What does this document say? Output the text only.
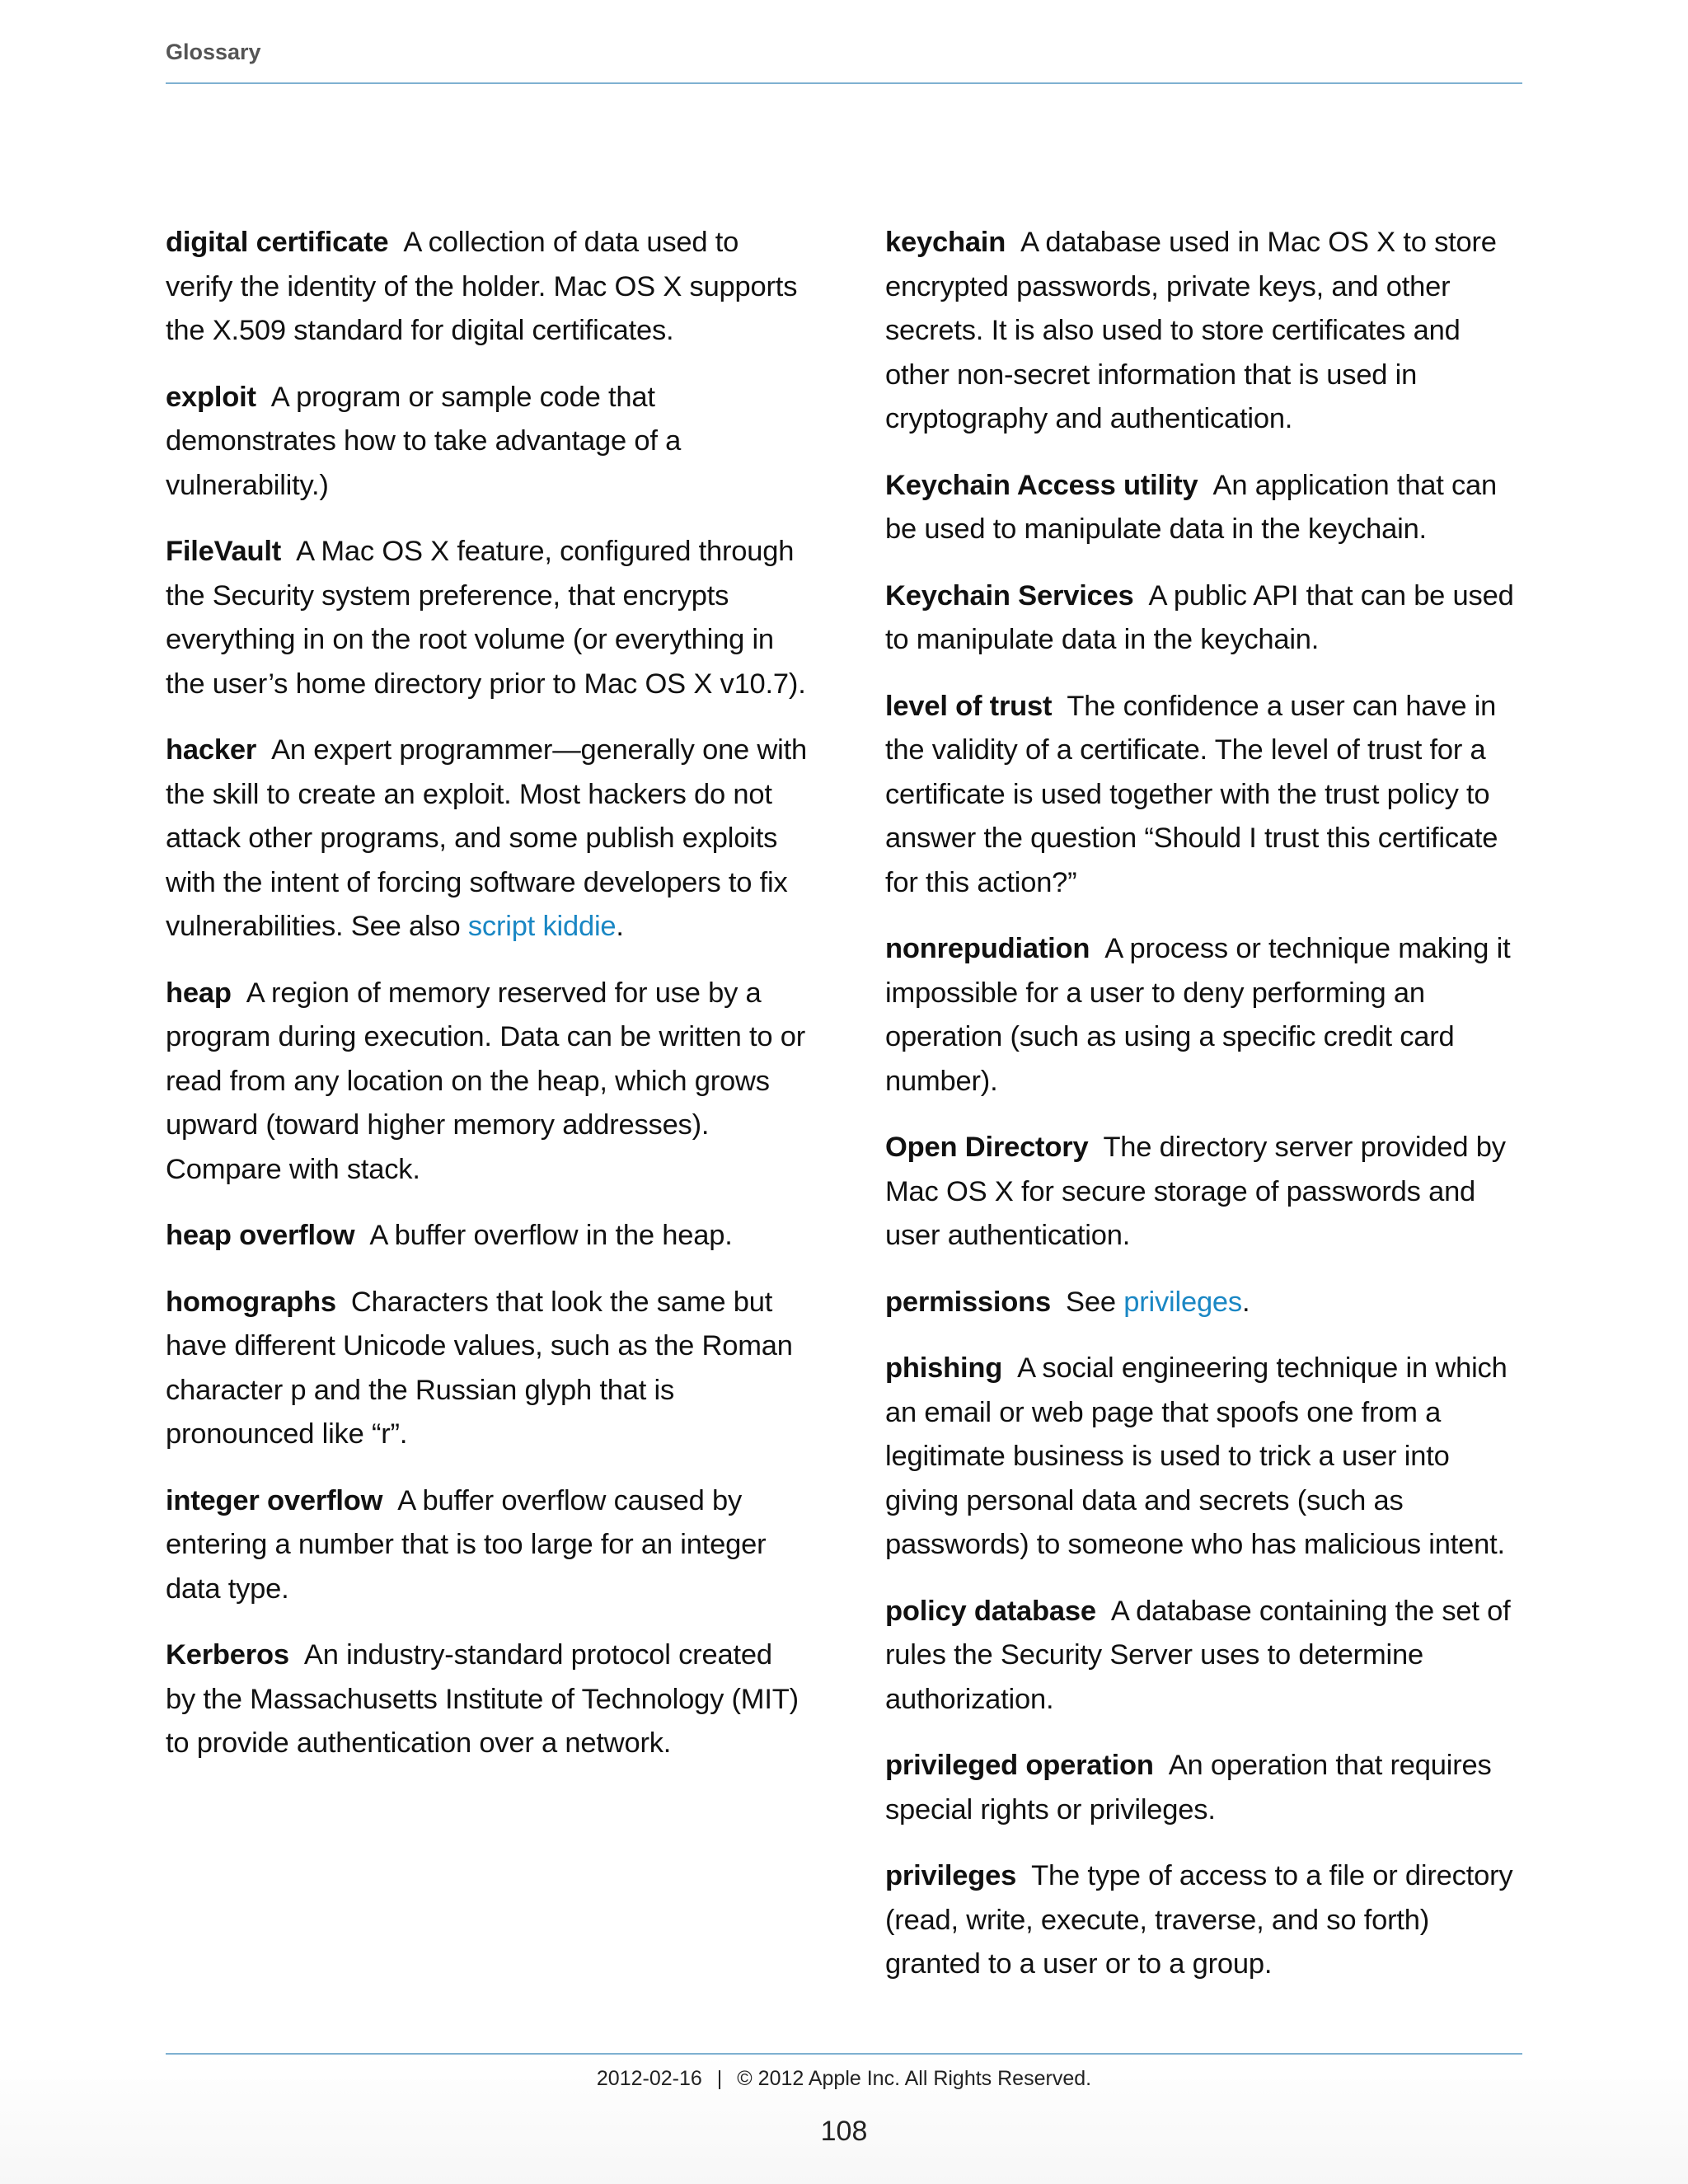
Glossary

digital certificate A collection of data used to verify the identity of the holder. Mac OS X supports the X.509 standard for digital certificates.

exploit A program or sample code that demonstrates how to take advantage of a vulnerability.)

FileVault A Mac OS X feature, configured through the Security system preference, that encrypts everything in on the root volume (or everything in the user’s home directory prior to Mac OS X v10.7).

hacker An expert programmer—generally one with the skill to create an exploit. Most hackers do not attack other programs, and some publish exploits with the intent of forcing software developers to fix vulnerabilities. See also script kiddie.

heap A region of memory reserved for use by a program during execution. Data can be written to or read from any location on the heap, which grows upward (toward higher memory addresses). Compare with stack.

heap overflow A buffer overflow in the heap.

homographs Characters that look the same but have different Unicode values, such as the Roman character p and the Russian glyph that is pronounced like “r”.

integer overflow A buffer overflow caused by entering a number that is too large for an integer data type.

Kerberos An industry-standard protocol created by the Massachusetts Institute of Technology (MIT) to provide authentication over a network.

keychain A database used in Mac OS X to store encrypted passwords, private keys, and other secrets. It is also used to store certificates and other non-secret information that is used in cryptography and authentication.

Keychain Access utility An application that can be used to manipulate data in the keychain.

Keychain Services A public API that can be used to manipulate data in the keychain.

level of trust The confidence a user can have in the validity of a certificate. The level of trust for a certificate is used together with the trust policy to answer the question “Should I trust this certificate for this action?”

nonrepudiation A process or technique making it impossible for a user to deny performing an operation (such as using a specific credit card number).

Open Directory The directory server provided by Mac OS X for secure storage of passwords and user authentication.

permissions See privileges.

phishing A social engineering technique in which an email or web page that spoofs one from a legitimate business is used to trick a user into giving personal data and secrets (such as passwords) to someone who has malicious intent.

policy database A database containing the set of rules the Security Server uses to determine authorization.

privileged operation An operation that requires special rights or privileges.

privileges The type of access to a file or directory (read, write, execute, traverse, and so forth) granted to a user or to a group.

2012-02-16 | © 2012 Apple Inc. All Rights Reserved.
108
